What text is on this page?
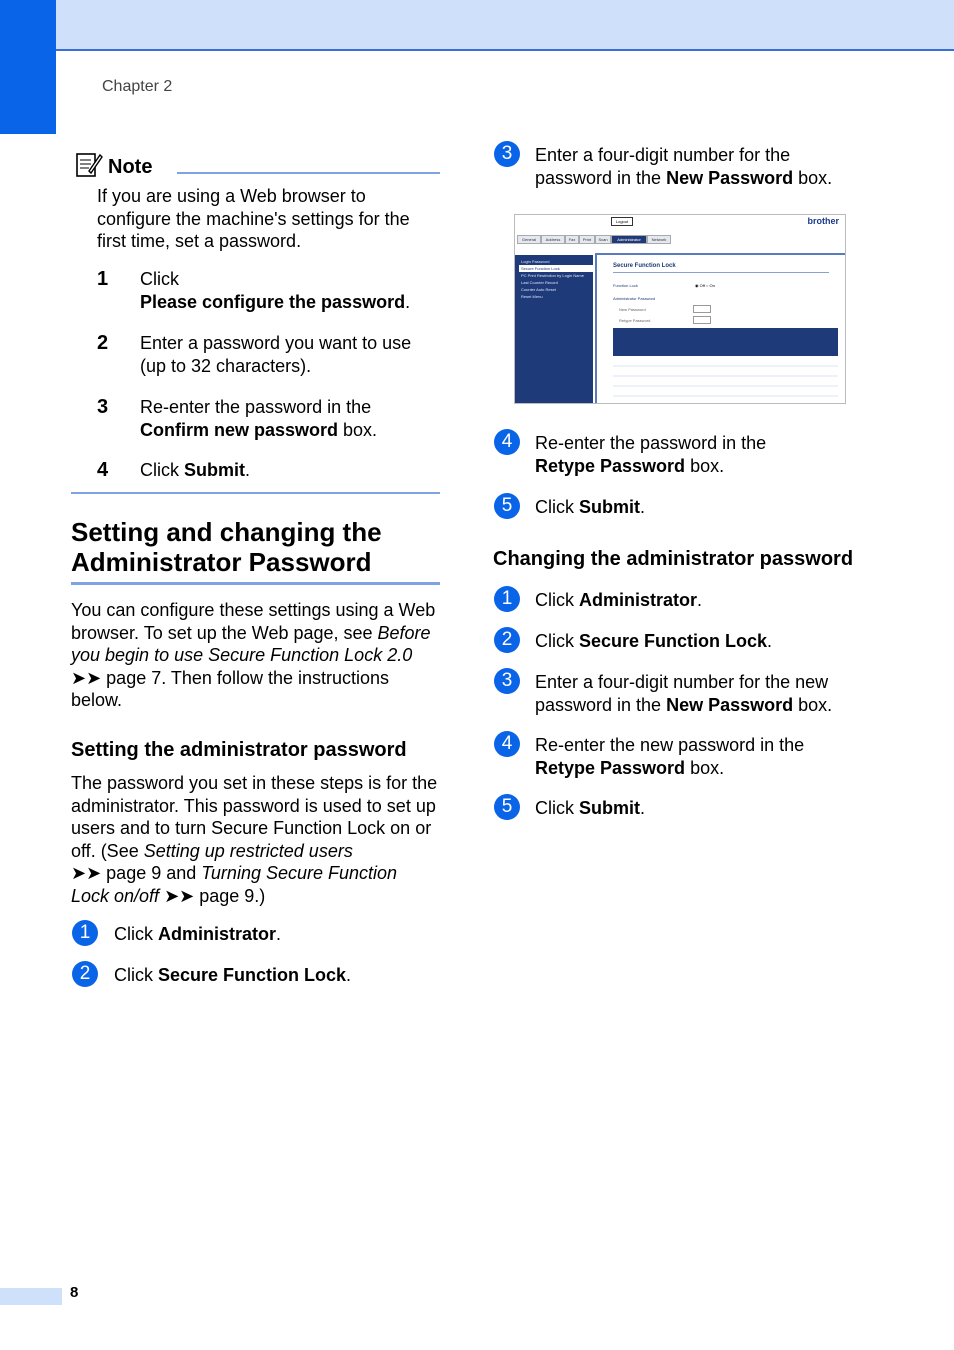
Chapter 2
Note
If you are using a Web browser to configure the machine's settings for the first time, set a password.
1 Click
Please configure the password.
2 Enter a password you want to use (up to 32 characters).
3 Re-enter the password in the
Confirm new password box.
4 Click Submit.
Setting and changing the
Administrator Password
You can configure these settings using a Web browser. To set up the Web page, see Before you begin to use Secure Function Lock 2.0 ➤➤ page 7. Then follow the instructions below.
Setting the administrator password
The password you set in these steps is for the administrator. This password is used to set up users and to turn Secure Function Lock on or off. (See Setting up restricted users
➤➤ page 9 and Turning Secure Function Lock on/off ➤➤ page 9.)
1	Click Administrator.
2	Click Secure Function Lock.
3	Enter a four-digit number for the password in the New Password box.
Logout	brother
General	Address	Fax	Print	Scan	Administrator	Network
Login Password
Secure Function Lock
PC Print Restriction by Login Name
Last Counter Record
Counter Auto Reset
Reset Menu
Secure Function Lock
Function Lock	◉ Off ○ On
Administrator Password
New Password
Retype Password
4	Re-enter the password in the
Retype Password box.
5	Click Submit.
Changing the administrator password
1	Click Administrator.
2	Click Secure Function Lock.
3	Enter a four-digit number for the new password in the New Password box.
4	Re-enter the new password in the
Retype Password box.
5	Click Submit.
8
